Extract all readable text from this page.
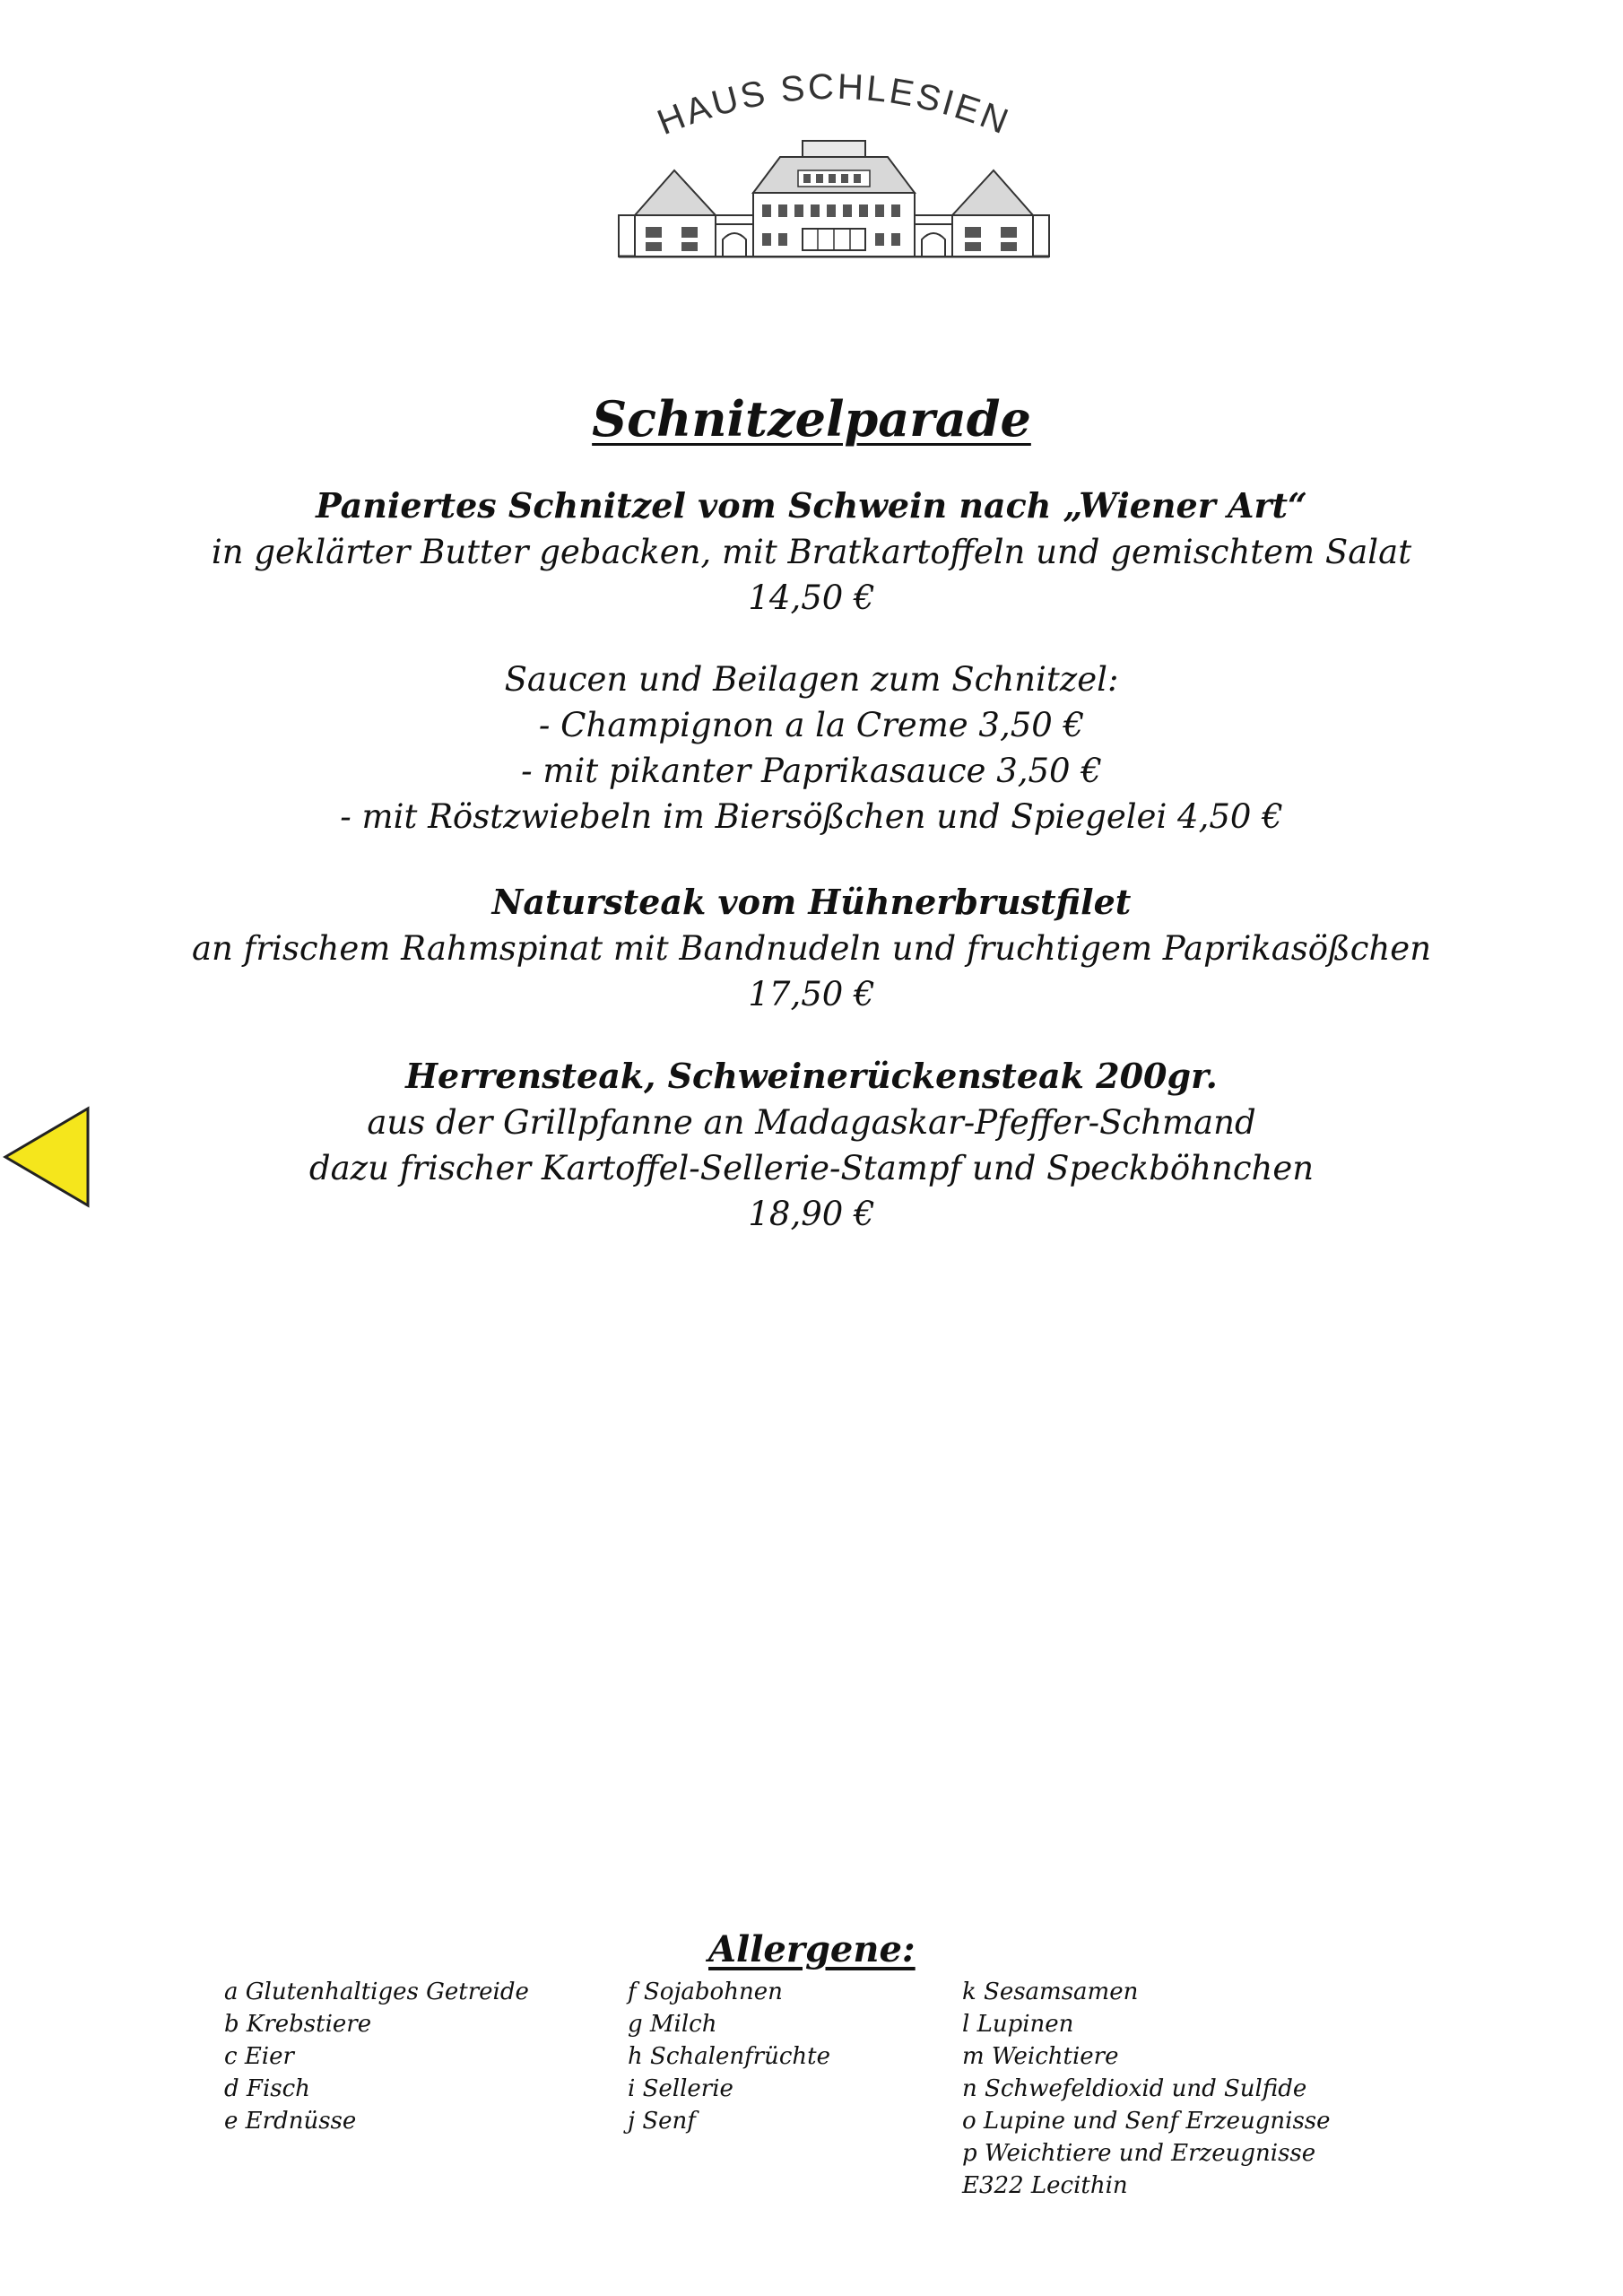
HAUS SCHLESIEN
Schnitzelparade
Paniertes Schnitzel vom Schwein nach „Wiener Art“
in geklärter Butter gebacken, mit Bratkartoffeln und gemischtem Salat
14,50 €
Saucen und Beilagen zum Schnitzel:
- Champignon a la Creme 3,50 €
- mit pikanter Paprikasauce 3,50 €
- mit Röstzwiebeln im Biersößchen und Spiegelei 4,50 €
Natursteak vom Hühnerbrustfilet
an frischem Rahmspinat mit Bandnudeln und fruchtigem Paprikasößchen
17,50 €
Herrensteak, Schweinerückensteak 200gr.
aus der Grillpfanne an Madagaskar-Pfeffer-Schmand
dazu frischer Kartoffel-Sellerie-Stampf und Speckböhnchen
18,90 €
Allergene:
a Glutenhaltiges Getreide
b Krebstiere
c Eier
d Fisch
e Erdnüsse
f Sojabohnen
g Milch
h Schalenfrüchte
i Sellerie
j Senf
k Sesamsamen
l Lupinen
m Weichtiere
n Schwefeldioxid und Sulfide
o Lupine und Senf Erzeugnisse
p Weichtiere und Erzeugnisse
E322 Lecithin
